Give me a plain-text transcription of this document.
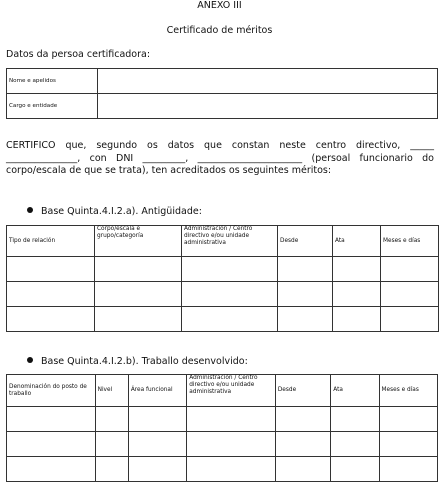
ANEXO III
Certificado de méritos
Datos da persoa certificadora:
Nome e apelidos	
Cargo e entidade	
CERTIFICO que, segundo os datos que constan neste centro directivo, _____ _______________, con DNI _________, ______________________ (persoal funcionario do corpo/escala de que se trata), ten acreditados os seguintes méritos:
Base Quinta.4.I.2.a). Antigüidade:
Tipo de relación	Corpo/escala e grupo/categoría	Administración / Centro directivo e/ou unidade administrativa	Desde	Ata	Meses e días

Base Quinta.4.I.2.b). Traballo desenvolvido:
Denominación do posto de traballo	Nivel	Área funcional	Administración / Centro directivo e/ou unidade administrativa	Desde	Ata	Meses e días
